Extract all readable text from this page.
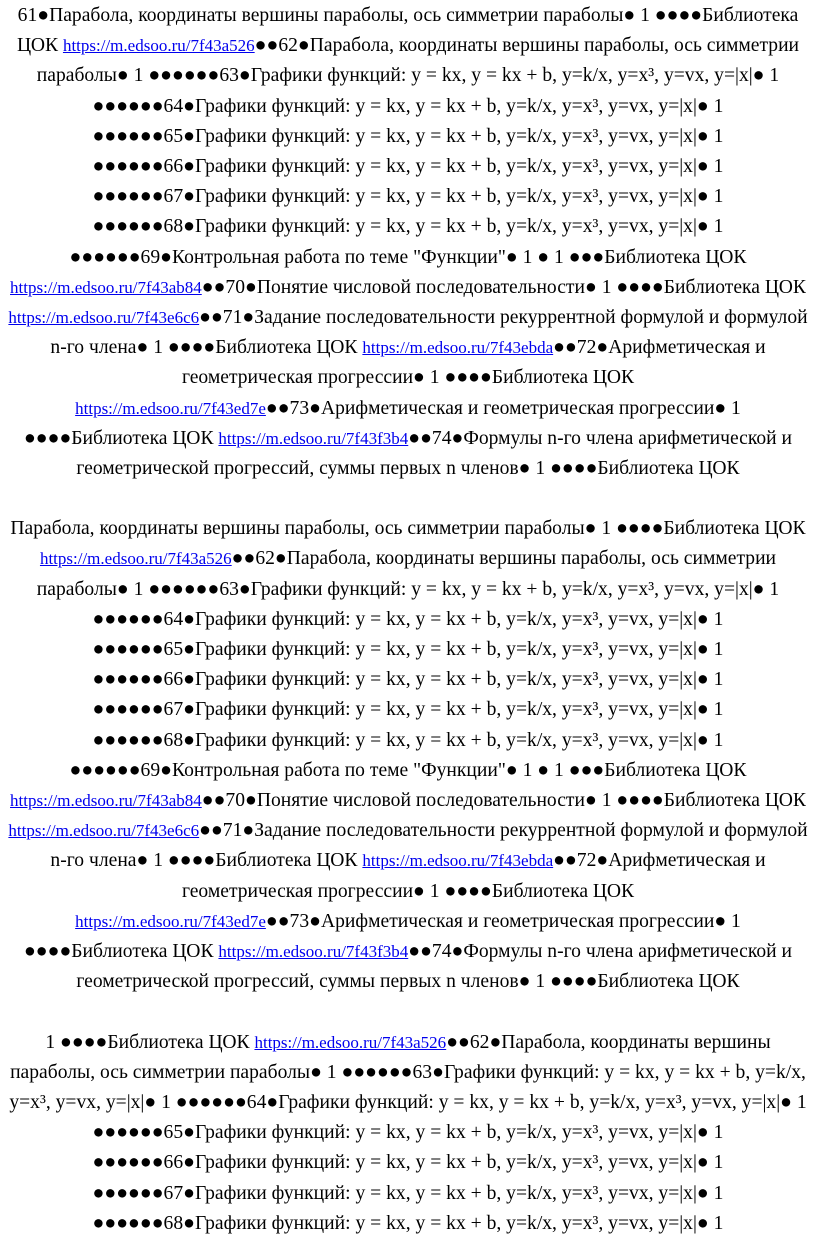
61●Парабола, координаты вершины параболы, ось симметрии параболы● 1 ●●●●Библиотека ЦОК https://m.edsoo.ru/7f43a526●●62●Парабола, координаты вершины параболы, ось симметрии параболы● 1 ●●●●●●63●Графики функций: y = kx, y = kx + b, y=k/x, y=x³, y=vx, y=|x|● 1 ●●●●●●64●Графики функций: y = kx, y = kx + b, y=k/x, y=x³, y=vx, y=|x|● 1 ●●●●●●65●Графики функций: y = kx, y = kx + b, y=k/x, y=x³, y=vx, y=|x|● 1 ●●●●●●66●Графики функций: y = kx, y = kx + b, y=k/x, y=x³, y=vx, y=|x|● 1 ●●●●●●67●Графики функций: y = kx, y = kx + b, y=k/x, y=x³, y=vx, y=|x|● 1 ●●●●●●68●Графики функций: y = kx, y = kx + b, y=k/x, y=x³, y=vx, y=|x|● 1 ●●●●●●69●Контрольная работа по теме "Функции"● 1 ● 1 ●●●Библиотека ЦОК https://m.edsoo.ru/7f43ab84●●70●Понятие числовой последовательности● 1 ●●●●Библиотека ЦОК https://m.edsoo.ru/7f43e6c6●●71●Задание последовательности рекуррентной формулой и формулой n-го члена● 1 ●●●●Библиотека ЦОК https://m.edsoo.ru/7f43ebda●●72●Арифметическая и геометрическая прогрессии● 1 ●●●●Библиотека ЦОК https://m.edsoo.ru/7f43ed7e●●73●Арифметическая и геометрическая прогрессии● 1 ●●●●Библиотека ЦОК https://m.edsoo.ru/7f43f3b4●●74●Формулы n-го члена арифметической и геометрической прогрессий, суммы первых n членов● 1 ●●●●Библиотека ЦОК

Парабола, координаты вершины параболы, ось симметрии параболы● 1 ●●●●Библиотека ЦОК https://m.edsoo.ru/7f43a526●●62●Парабола, координаты вершины параболы, ось симметрии параболы● 1 ●●●●●●63●Графики функций: y = kx, y = kx + b, y=k/x, y=x³, y=vx, y=|x|● 1 ●●●●●●64●Графики функций: y = kx, y = kx + b, y=k/x, y=x³, y=vx, y=|x|● 1 ●●●●●●65●Графики функций: y = kx, y = kx + b, y=k/x, y=x³, y=vx, y=|x|● 1 ●●●●●●66●Графики функций: y = kx, y = kx + b, y=k/x, y=x³, y=vx, y=|x|● 1 ●●●●●●67●Графики функций: y = kx, y = kx + b, y=k/x, y=x³, y=vx, y=|x|● 1 ●●●●●●68●Графики функций: y = kx, y = kx + b, y=k/x, y=x³, y=vx, y=|x|● 1 ●●●●●●69●Контрольная работа по теме "Функции"● 1 ● 1 ●●●Библиотека ЦОК https://m.edsoo.ru/7f43ab84●●70●Понятие числовой последовательности● 1 ●●●●Библиотека ЦОК https://m.edsoo.ru/7f43e6c6●●71●Задание последовательности рекуррентной формулой и формулой n-го члена● 1 ●●●●Библиотека ЦОК https://m.edsoo.ru/7f43ebda●●72●Арифметическая и геометрическая прогрессии● 1 ●●●●Библиотека ЦОК https://m.edsoo.ru/7f43ed7e●●73●Арифметическая и геометрическая прогрессии● 1 ●●●●Библиотека ЦОК https://m.edsoo.ru/7f43f3b4●●74●Формулы n-го члена арифметической и геометрической прогрессий, суммы первых n членов● 1 ●●●●Библиотека ЦОК

1 ●●●●Библиотека ЦОК https://m.edsoo.ru/7f43a526●●62●Парабола, координаты вершины параболы, ось симметрии параболы● 1 ●●●●●●63●Графики функций: y = kx, y = kx + b, y=k/x, y=x³, y=vx, y=|x|● 1 ●●●●●●64●Графики функций: y = kx, y = kx + b, y=k/x, y=x³, y=vx, y=|x|● 1 ●●●●●●65●Графики функций: y = kx, y = kx + b, y=k/x, y=x³, y=vx, y=|x|● 1 ●●●●●●66●Графики функций: y = kx, y = kx + b, y=k/x, y=x³, y=vx, y=|x|● 1 ●●●●●●67●Графики функций: y = kx, y = kx + b, y=k/x, y=x³, y=vx, y=|x|● 1 ●●●●●●68●Графики функций: y = kx, y = kx + b, y=k/x, y=x³, y=vx, y=|x|● 1
